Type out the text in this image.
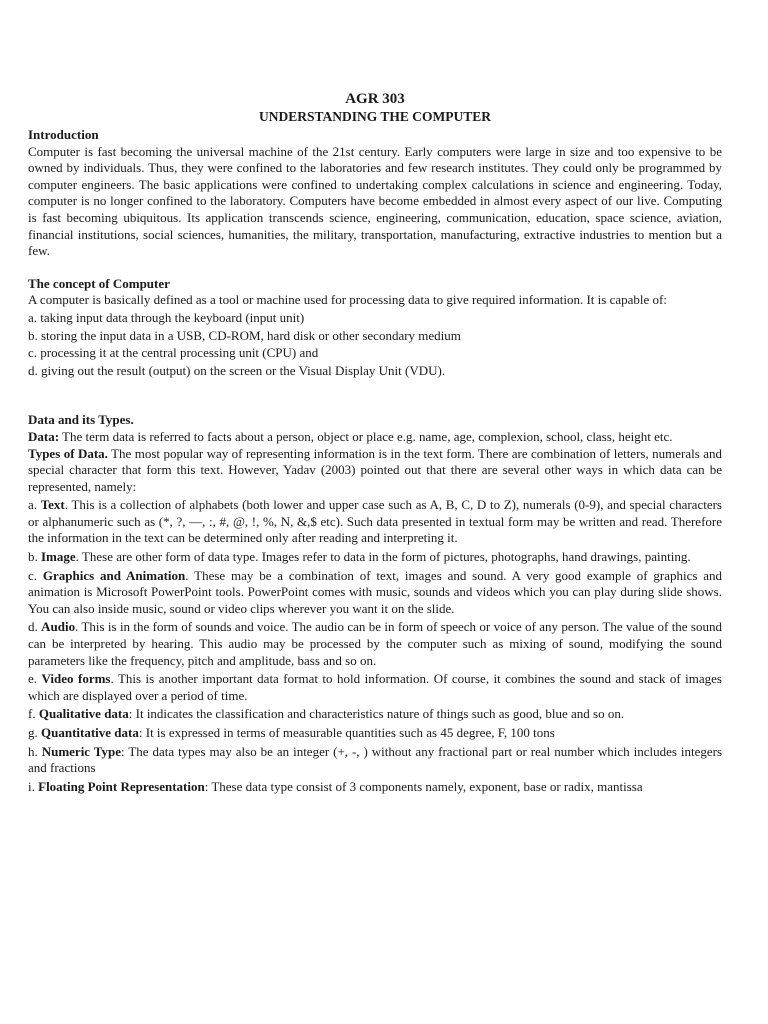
AGR 303
UNDERSTANDING THE COMPUTER
Introduction
Computer is fast becoming the universal machine of the 21st century. Early computers were large in size and too expensive to be owned by individuals. Thus, they were confined to the laboratories and few research institutes. They could only be programmed by computer engineers. The basic applications were confined to undertaking complex calculations in science and engineering. Today, computer is no longer confined to the laboratory. Computers have become embedded in almost every aspect of our live. Computing is fast becoming ubiquitous. Its application transcends science, engineering, communication, education, space science, aviation, financial institutions, social sciences, humanities, the military, transportation, manufacturing, extractive industries to mention but a few.
The concept of Computer
A computer is basically defined as a tool or machine used for processing data to give required information. It is capable of:
a. taking input data through the keyboard (input unit)
b. storing the input data in a USB, CD-ROM, hard disk or other secondary medium
c. processing it at the central processing unit (CPU) and
d. giving out the result (output) on the screen or the Visual Display Unit (VDU).
Data and its Types.
Data: The term data is referred to facts about a person, object or place e.g. name, age, complexion, school, class, height etc.
Types of Data. The most popular way of representing information is in the text form. There are combination of letters, numerals and special character that form this text. However, Yadav (2003) pointed out that there are several other ways in which data can be represented, namely:
a. Text. This is a collection of alphabets (both lower and upper case such as A, B, C, D to Z), numerals (0-9), and special characters or alphanumeric such as (*, ?, —, :, #, @, !, %, N, &,$ etc). Such data presented in textual form may be written and read. Therefore the information in the text can be determined only after reading and interpreting it.
b. Image. These are other form of data type. Images refer to data in the form of pictures, photographs, hand drawings, painting.
c. Graphics and Animation. These may be a combination of text, images and sound. A very good example of graphics and animation is Microsoft PowerPoint tools. PowerPoint comes with music, sounds and videos which you can play during slide shows. You can also inside music, sound or video clips wherever you want it on the slide.
d. Audio. This is in the form of sounds and voice. The audio can be in form of speech or voice of any person. The value of the sound can be interpreted by hearing. This audio may be processed by the computer such as mixing of sound, modifying the sound parameters like the frequency, pitch and amplitude, bass and so on.
e. Video forms. This is another important data format to hold information. Of course, it combines the sound and stack of images which are displayed over a period of time.
f. Qualitative data: It indicates the classification and characteristics nature of things such as good, blue and so on.
g. Quantitative data: It is expressed in terms of measurable quantities such as 45 degree, F, 100 tons
h. Numeric Type: The data types may also be an integer (+, -, ) without any fractional part or real number which includes integers and fractions
i. Floating Point Representation: These data type consist of 3 components namely, exponent, base or radix, mantissa
